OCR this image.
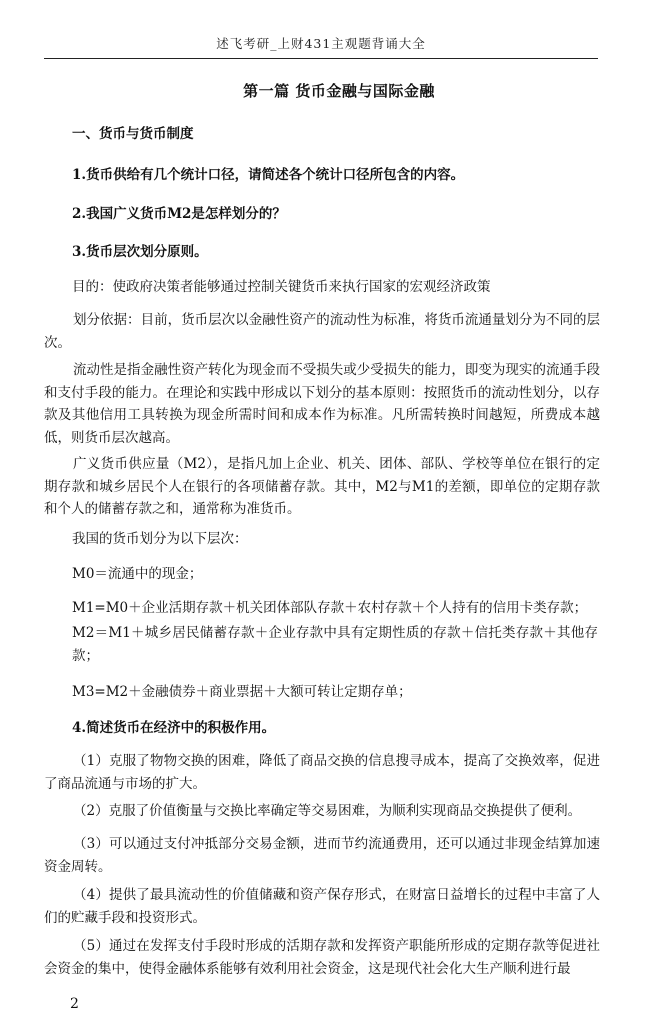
述飞考研_上财431主观题背诵大全
第一篇 货币金融与国际金融
一、货币与货币制度
1.货币供给有几个统计口径，请简述各个统计口径所包含的内容。
2.我国广义货币M2是怎样划分的？
3.货币层次划分原则。
目的：使政府决策者能够通过控制关键货币来执行国家的宏观经济政策
划分依据：目前，货币层次以金融性资产的流动性为标准，将货币流通量划分为不同的层次。
流动性是指金融性资产转化为现金而不受损失或少受损失的能力，即变为现实的流通手段和支付手段的能力。在理论和实践中形成以下划分的基本原则：按照货币的流动性划分，以存款及其他信用工具转换为现金所需时间和成本作为标准。凡所需转换时间越短，所费成本越低，则货币层次越高。
广义货币供应量（M2），是指凡加上企业、机关、团体、部队、学校等单位在银行的定期存款和城乡居民个人在银行的各项储蓄存款。其中，M2与M1的差额，即单位的定期存款和个人的储蓄存款之和，通常称为准货币。
我国的货币划分为以下层次：
M0＝流通中的现金；
M1=M0＋企业活期存款＋机关团体部队存款＋农村存款＋个人持有的信用卡类存款；
M2＝M1＋城乡居民储蓄存款＋企业存款中具有定期性质的存款＋信托类存款＋其他存款；
M3=M2＋金融债券＋商业票据＋大额可转让定期存单；
4.简述货币在经济中的积极作用。
（1）克服了物物交换的困难，降低了商品交换的信息搜寻成本，提高了交换效率，促进了商品流通与市场的扩大。
（2）克服了价值衡量与交换比率确定等交易困难，为顺利实现商品交换提供了便利。
（3）可以通过支付冲抵部分交易金额，进而节约流通费用，还可以通过非现金结算加速资金周转。
（4）提供了最具流动性的价值储藏和资产保存形式，在财富日益增长的过程中丰富了人们的贮藏手段和投资形式。
（5）通过在发挥支付手段时形成的活期存款和发挥资产职能所形成的定期存款等促进社会资金的集中，使得金融体系能够有效利用社会资金，这是现代社会化大生产顺利进行最
2
